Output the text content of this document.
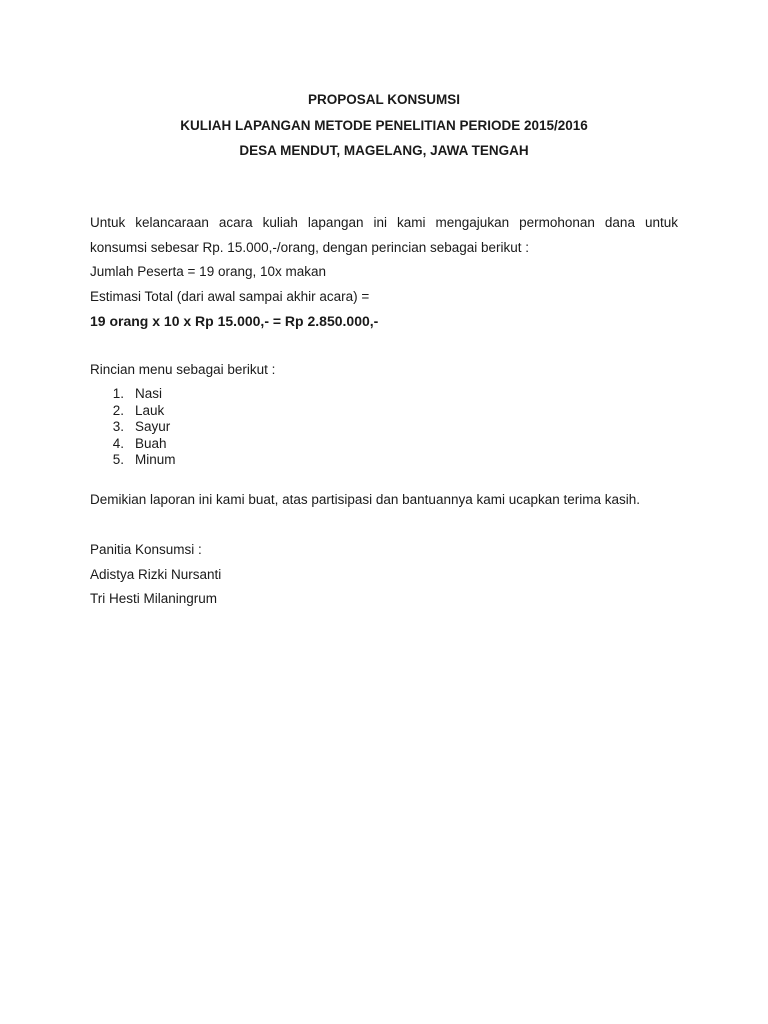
PROPOSAL KONSUMSI

KULIAH LAPANGAN METODE PENELITIAN PERIODE 2015/2016

DESA MENDUT, MAGELANG, JAWA TENGAH

Untuk kelancaraan acara kuliah lapangan ini kami mengajukan permohonan dana untuk
konsumsi sebesar Rp. 15.000,-/orang, dengan perincian sebagai berikut :

Jumlah Peserta = 19 orang, 10x makan

Estimasi Total (dari awal sampai akhir acara) =

19 orang x 10 x Rp 15.000,- = Rp 2.850.000,-

Rincian menu sebagai berikut :

1. Nasi
2. Lauk
3. Sayur
4. Buah
5. Minum

Demikian laporan ini kami buat, atas partisipasi dan bantuannya kami ucapkan terima kasih.

Panitia Konsumsi :

Adistya Rizki Nursanti

Tri Hesti Milaningrum
